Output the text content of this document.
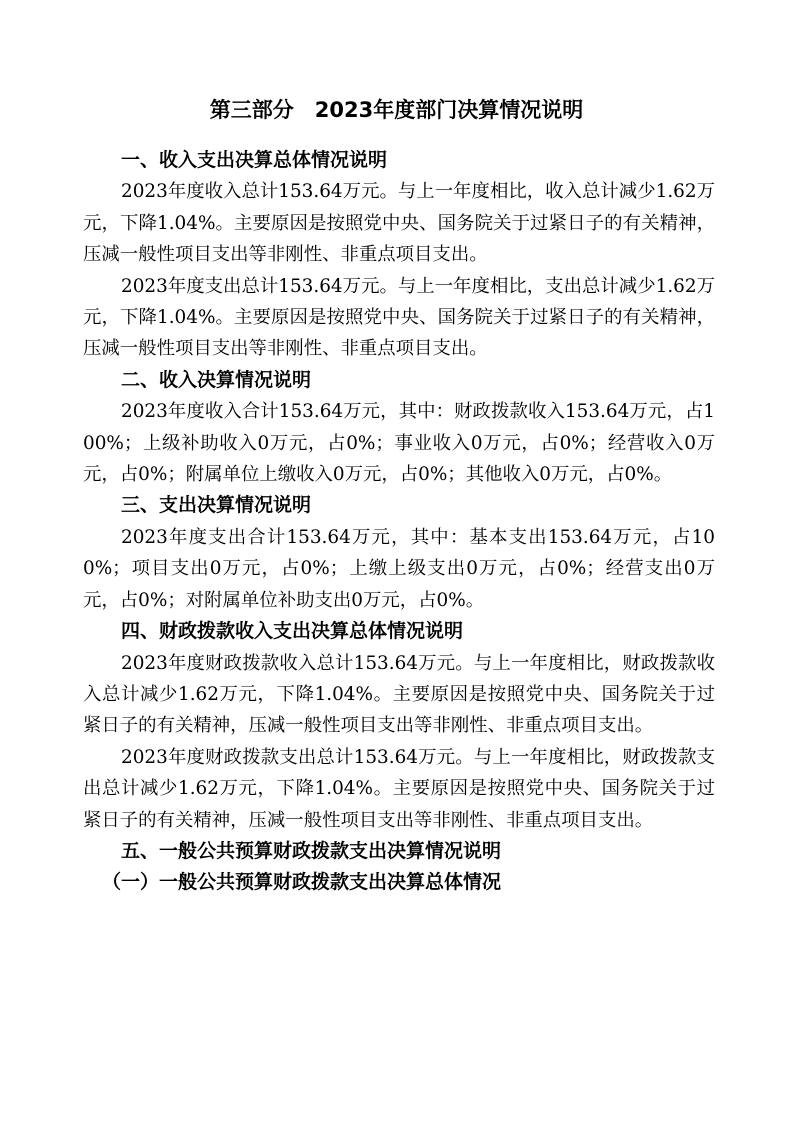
第三部分　2023年度部门决算情况说明
一、收入支出决算总体情况说明
2023年度收入总计153.64万元。与上一年度相比，收入总计减少1.62万元，下降1.04%。主要原因是按照党中央、国务院关于过紧日子的有关精神，压减一般性项目支出等非刚性、非重点项目支出。
2023年度支出总计153.64万元。与上一年度相比，支出总计减少1.62万元，下降1.04%。主要原因是按照党中央、国务院关于过紧日子的有关精神，压减一般性项目支出等非刚性、非重点项目支出。
二、收入决算情况说明
2023年度收入合计153.64万元，其中：财政拨款收入153.64万元，占100%；上级补助收入0万元，占0%；事业收入0万元，占0%；经营收入0万元，占0%；附属单位上缴收入0万元，占0%；其他收入0万元，占0%。
三、支出决算情况说明
2023年度支出合计153.64万元，其中：基本支出153.64万元，占100%；项目支出0万元，占0%；上缴上级支出0万元，占0%；经营支出0万元，占0%；对附属单位补助支出0万元，占0%。
四、财政拨款收入支出决算总体情况说明
2023年度财政拨款收入总计153.64万元。与上一年度相比，财政拨款收入总计减少1.62万元，下降1.04%。主要原因是按照党中央、国务院关于过紧日子的有关精神，压减一般性项目支出等非刚性、非重点项目支出。
2023年度财政拨款支出总计153.64万元。与上一年度相比，财政拨款支出总计减少1.62万元，下降1.04%。主要原因是按照党中央、国务院关于过紧日子的有关精神，压减一般性项目支出等非刚性、非重点项目支出。
五、一般公共预算财政拨款支出决算情况说明
（一）一般公共预算财政拨款支出决算总体情况
